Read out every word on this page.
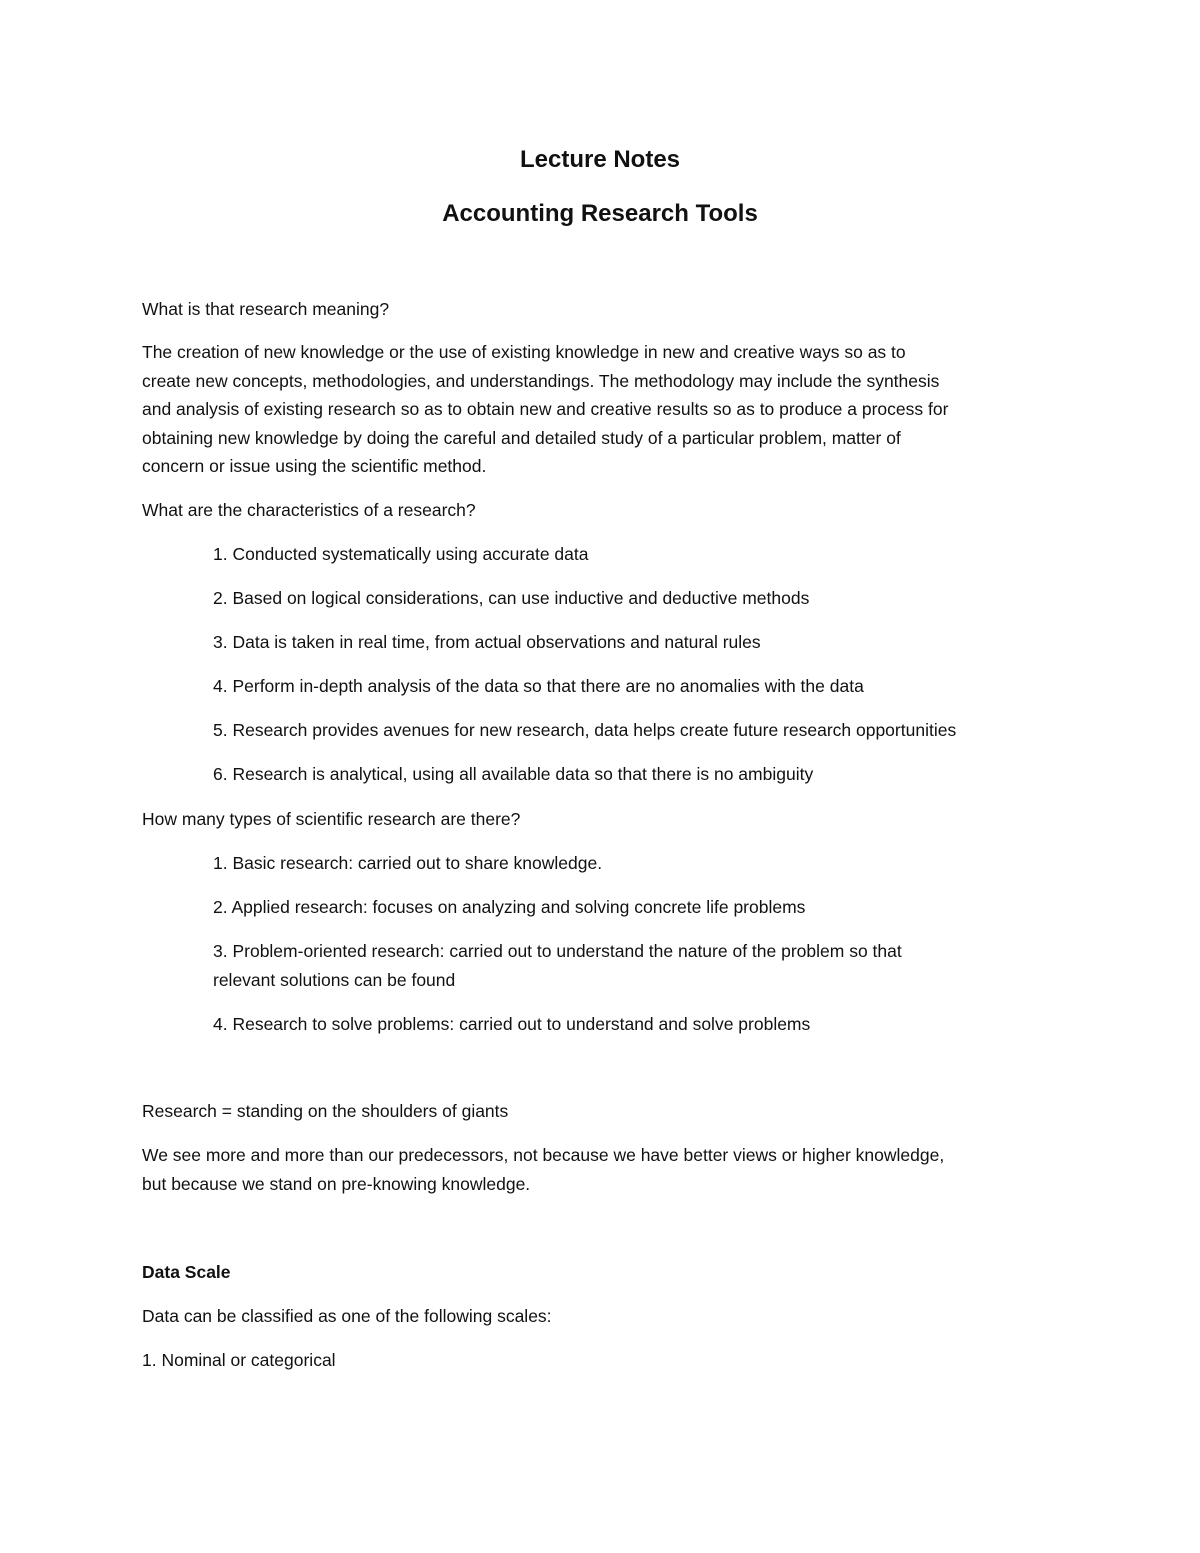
Lecture Notes
Accounting Research Tools

What is that research meaning?

The creation of new knowledge or the use of existing knowledge in new and creative ways so as to

create new concepts, methodologies, and understandings. The methodology may include the synthesis

and analysis of existing research so as to obtain new and creative results so as to produce a process for

obtaining new knowledge by doing the careful and detailed study of a particular problem, matter of

concern or issue using the scientific method.

What are the characteristics of a research?

1. Conducted systematically using accurate data

2. Based on logical considerations, can use inductive and deductive methods

3. Data is taken in real time, from actual observations and natural rules

4. Perform in-depth analysis of the data so that there are no anomalies with the data

5. Research provides avenues for new research, data helps create future research opportunities

6. Research is analytical, using all available data so that there is no ambiguity

How many types of scientific research are there?

1. Basic research: carried out to share knowledge.

2. Applied research: focuses on analyzing and solving concrete life problems

3. Problem-oriented research: carried out to understand the nature of the problem so that

relevant solutions can be found

4. Research to solve problems: carried out to understand and solve problems

Research = standing on the shoulders of giants

We see more and more than our predecessors, not because we have better views or higher knowledge,

but because we stand on pre-knowing knowledge.

Data Scale

Data can be classified as one of the following scales:

1. Nominal or categorical
